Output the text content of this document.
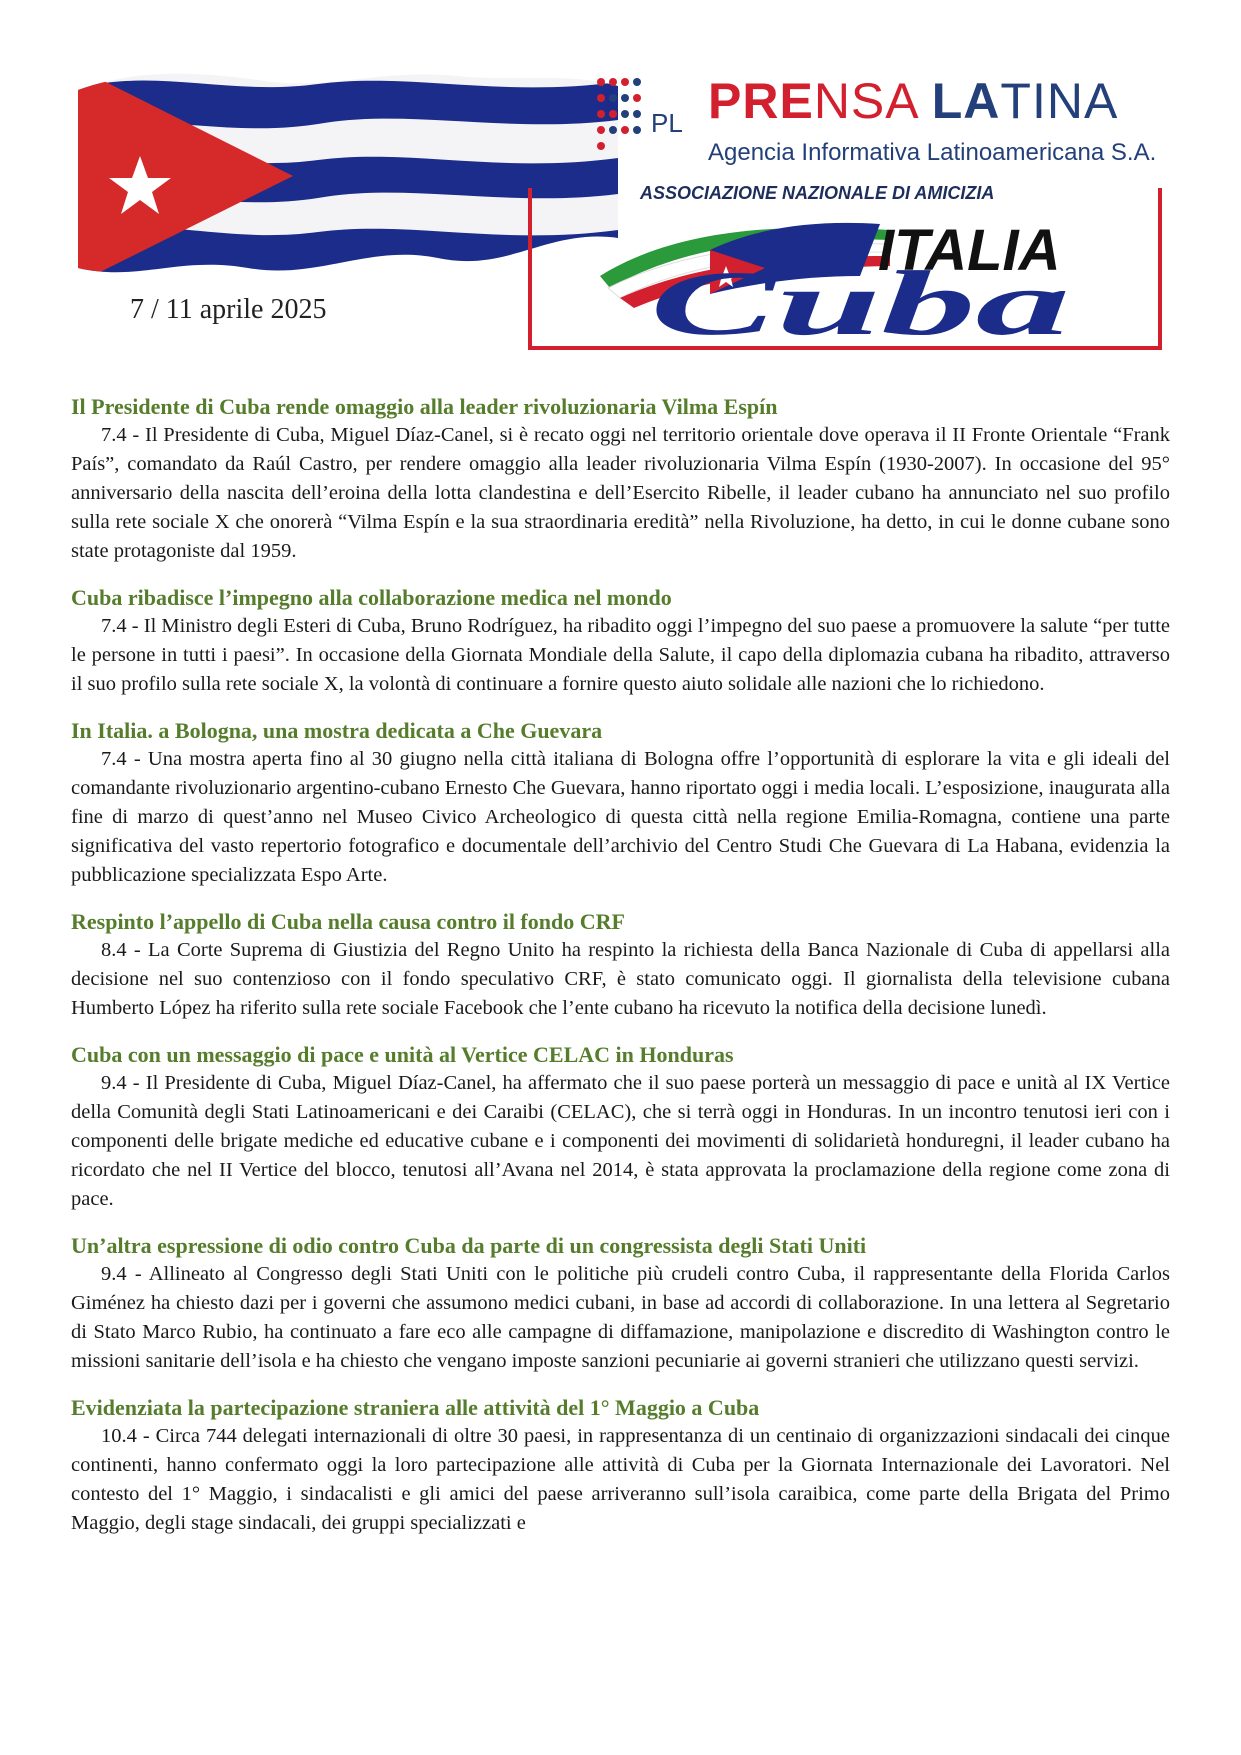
7 / 11 aprile 2025
PL PRENSA LATINA
Agencia Informativa Latinoamericana S.A.
ASSOCIAZIONE NAZIONALE DI AMICIZIA
ITALIA
Cuba

Il Presidente di Cuba rende omaggio alla leader rivoluzionaria Vilma Espín

7.4 - Il Presidente di Cuba, Miguel Díaz-Canel, si è recato oggi nel territorio orientale dove operava il II Fronte Orientale “Frank País”, comandato da Raúl Castro, per rendere omaggio alla leader rivoluzionaria Vilma Espín (1930-2007). In occasione del 95° anniversario della nascita dell’eroina della lotta clandestina e dell’Esercito Ribelle, il leader cubano ha annunciato nel suo profilo sulla rete sociale X che onorerà “Vilma Espín e la sua straordinaria eredità” nella Rivoluzione, ha detto, in cui le donne cubane sono state protagoniste dal 1959.

Cuba ribadisce l’impegno alla collaborazione medica nel mondo

7.4 - Il Ministro degli Esteri di Cuba, Bruno Rodríguez, ha ribadito oggi l’impegno del suo paese a promuovere la salute “per tutte le persone in tutti i paesi”. In occasione della Giornata Mondiale della Salute, il capo della diplomazia cubana ha ribadito, attraverso il suo profilo sulla rete sociale X, la volontà di continuare a fornire questo aiuto solidale alle nazioni che lo richiedono.

In Italia. a Bologna, una mostra dedicata a Che Guevara

7.4 - Una mostra aperta fino al 30 giugno nella città italiana di Bologna offre l’opportunità di esplorare la vita e gli ideali del comandante rivoluzionario argentino-cubano Ernesto Che Guevara, hanno riportato oggi i media locali. L’esposizione, inaugurata alla fine di marzo di quest’anno nel Museo Civico Archeologico di questa città nella regione Emilia-Romagna, contiene una parte significativa del vasto repertorio fotografico e documentale dell’archivio del Centro Studi Che Guevara di La Habana, evidenzia la pubblicazione specializzata Espo Arte.

Respinto l’appello di Cuba nella causa contro il fondo CRF

8.4 - La Corte Suprema di Giustizia del Regno Unito ha respinto la richiesta della Banca Nazionale di Cuba di appellarsi alla decisione nel suo contenzioso con il fondo speculativo CRF, è stato comunicato oggi. Il giornalista della televisione cubana Humberto López ha riferito sulla rete sociale Facebook che l’ente cubano ha ricevuto la notifica della decisione lunedì.

Cuba con un messaggio di pace e unità al Vertice CELAC in Honduras

9.4 - Il Presidente di Cuba, Miguel Díaz-Canel, ha affermato che il suo paese porterà un messaggio di pace e unità al IX Vertice della Comunità degli Stati Latinoamericani e dei Caraibi (CELAC), che si terrà oggi in Honduras. In un incontro tenutosi ieri con i componenti delle brigate mediche ed educative cubane e i componenti dei movimenti di solidarietà honduregni, il leader cubano ha ricordato che nel II Vertice del blocco, tenutosi all’Avana nel 2014, è stata approvata la proclamazione della regione come zona di pace.

Un’altra espressione di odio contro Cuba da parte di un congressista degli Stati Uniti

9.4 - Allineato al Congresso degli Stati Uniti con le politiche più crudeli contro Cuba, il rappresentante della Florida Carlos Giménez ha chiesto dazi per i governi che assumono medici cubani, in base ad accordi di collaborazione. In una lettera al Segretario di Stato Marco Rubio, ha continuato a fare eco alle campagne di diffamazione, manipolazione e discredito di Washington contro le missioni sanitarie dell’isola e ha chiesto che vengano imposte sanzioni pecuniarie ai governi stranieri che utilizzano questi servizi.

Evidenziata la partecipazione straniera alle attività del 1° Maggio a Cuba

10.4 - Circa 744 delegati internazionali di oltre 30 paesi, in rappresentanza di un centinaio di organizzazioni sindacali dei cinque continenti, hanno confermato oggi la loro partecipazione alle attività di Cuba per la Giornata Internazionale dei Lavoratori. Nel contesto del 1° Maggio, i sindacalisti e gli amici del paese arriveranno sull’isola caraibica, come parte della Brigata del Primo Maggio, degli stage sindacali, dei gruppi specializzati e
